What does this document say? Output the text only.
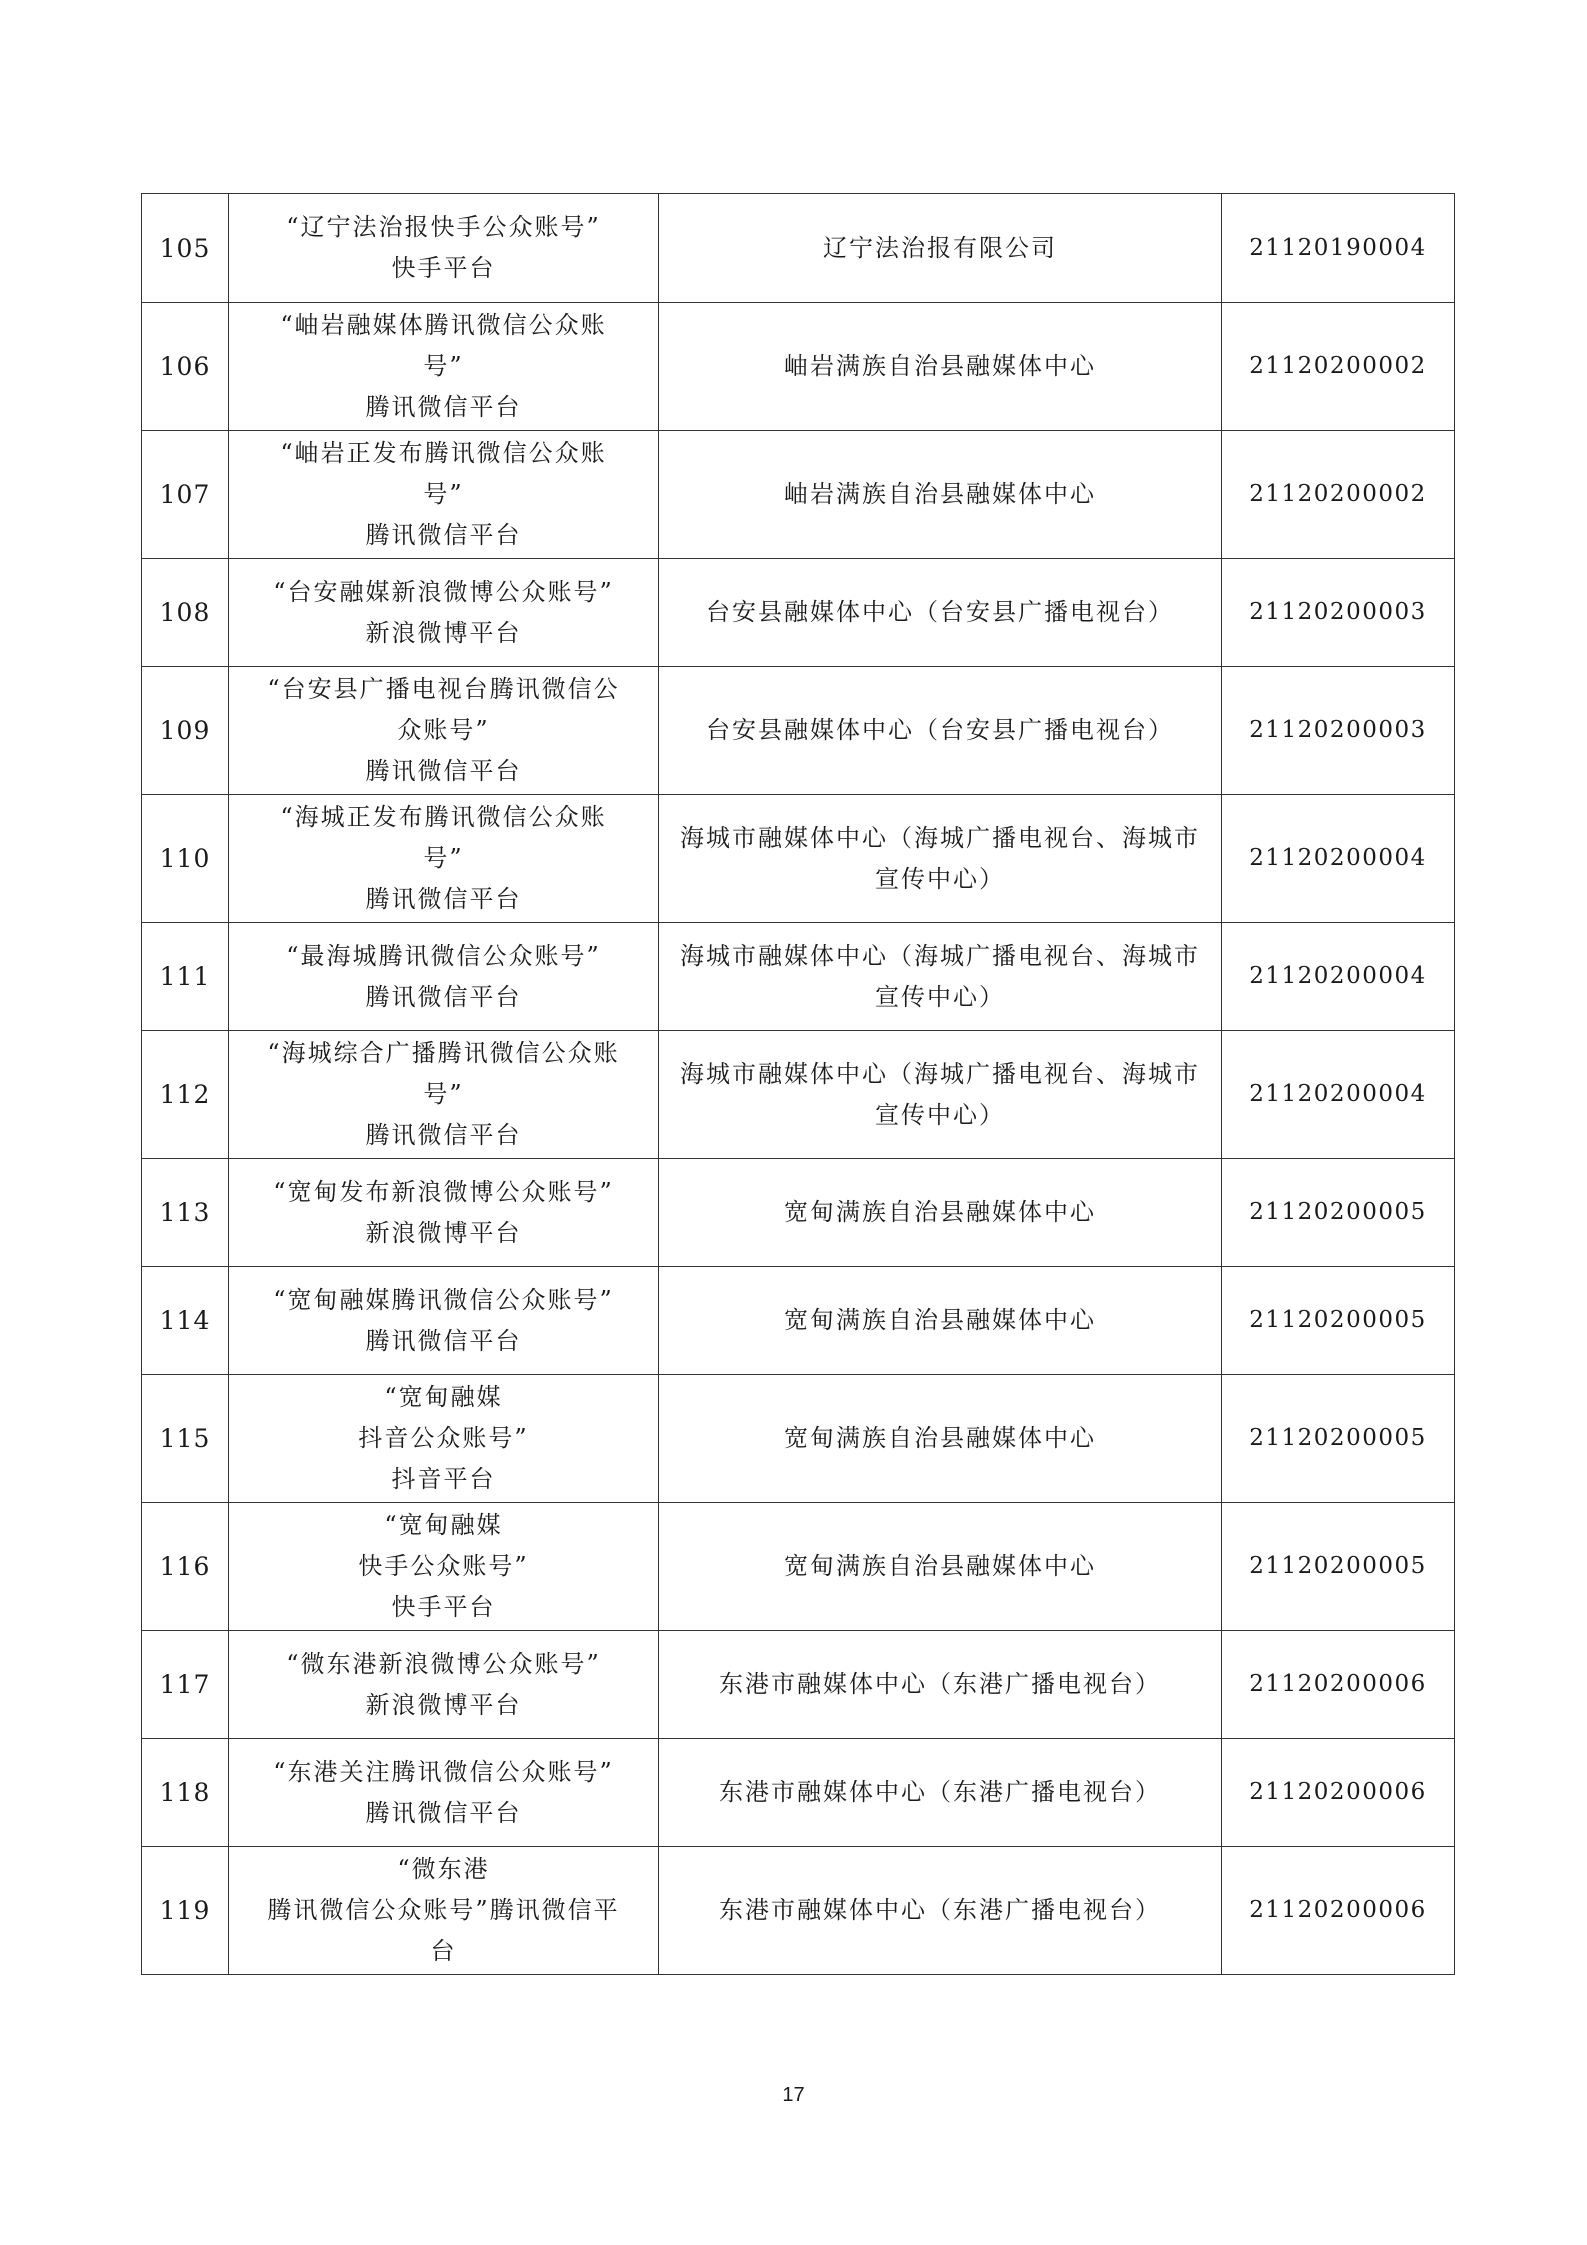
105	“辽宁法治报快手公众账号”
快手平台	辽宁法治报有限公司	21120190004
106	“岫岩融媒体腾讯微信公众账
号”
腾讯微信平台	岫岩满族自治县融媒体中心	21120200002
107	“岫岩正发布腾讯微信公众账
号”
腾讯微信平台	岫岩满族自治县融媒体中心	21120200002
108	“台安融媒新浪微博公众账号”
新浪微博平台	台安县融媒体中心（台安县广播电视台）	21120200003
109	“台安县广播电视台腾讯微信公
众账号”
腾讯微信平台	台安县融媒体中心（台安县广播电视台）	21120200003
110	“海城正发布腾讯微信公众账
号”
腾讯微信平台	海城市融媒体中心（海城广播电视台、海城市宣传中心）	21120200004
111	“最海城腾讯微信公众账号”
腾讯微信平台	海城市融媒体中心（海城广播电视台、海城市宣传中心）	21120200004
112	“海城综合广播腾讯微信公众账
号”
腾讯微信平台	海城市融媒体中心（海城广播电视台、海城市宣传中心）	21120200004
113	“宽甸发布新浪微博公众账号”
新浪微博平台	宽甸满族自治县融媒体中心	21120200005
114	“宽甸融媒腾讯微信公众账号”
腾讯微信平台	宽甸满族自治县融媒体中心	21120200005
115	“宽甸融媒
抖音公众账号”
抖音平台	宽甸满族自治县融媒体中心	21120200005
116	“宽甸融媒
快手公众账号”
快手平台	宽甸满族自治县融媒体中心	21120200005
117	“微东港新浪微博公众账号”
新浪微博平台	东港市融媒体中心（东港广播电视台）	21120200006
118	“东港关注腾讯微信公众账号”
腾讯微信平台	东港市融媒体中心（东港广播电视台）	21120200006
119	“微东港
腾讯微信公众账号”腾讯微信平
台	东港市融媒体中心（东港广播电视台）	21120200006
17
